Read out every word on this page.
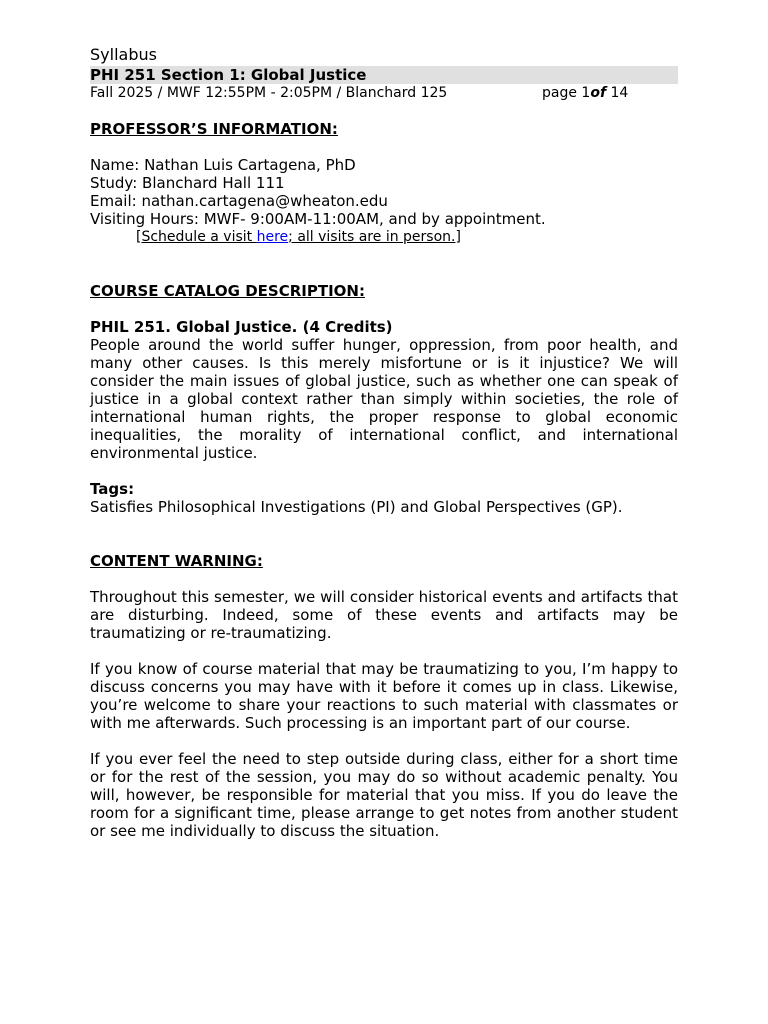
Syllabus

PHI 251 Section 1: Global Justice

Fall 2025 / MWF 12:55PM - 2:05PM / Blanchard 125	page 1of 14

PROFESSOR’S INFORMATION:

Name: Nathan Luis Cartagena, PhD

Study: Blanchard Hall 111

Email: nathan.cartagena@wheaton.edu

Visiting Hours: MWF- 9:00AM-11:00AM, and by appointment.

[Schedule a visit here; all visits are in person.]

COURSE CATALOG DESCRIPTION:

PHIL 251. Global Justice. (4 Credits)

People around the world suffer hunger, oppression, from poor health, and many other causes. Is this merely misfortune or is it injustice? We will consider the main issues of global justice, such as whether one can speak of justice in a global context rather than simply within societies, the role of international human rights, the proper response to global economic inequalities, the morality of international conflict, and international environmental justice.

Tags:

Satisfies Philosophical Investigations (PI) and Global Perspectives (GP).

CONTENT WARNING:

Throughout this semester, we will consider historical events and artifacts that are disturbing. Indeed, some of these events and artifacts may be traumatizing or re-traumatizing.

If you know of course material that may be traumatizing to you, I’m happy to discuss concerns you may have with it before it comes up in class. Likewise, you’re welcome to share your reactions to such material with classmates or with me afterwards. Such processing is an important part of our course.

If you ever feel the need to step outside during class, either for a short time or for the rest of the session, you may do so without academic penalty. You will, however, be responsible for material that you miss. If you do leave the room for a significant time, please arrange to get notes from another student or see me individually to discuss the situation.
